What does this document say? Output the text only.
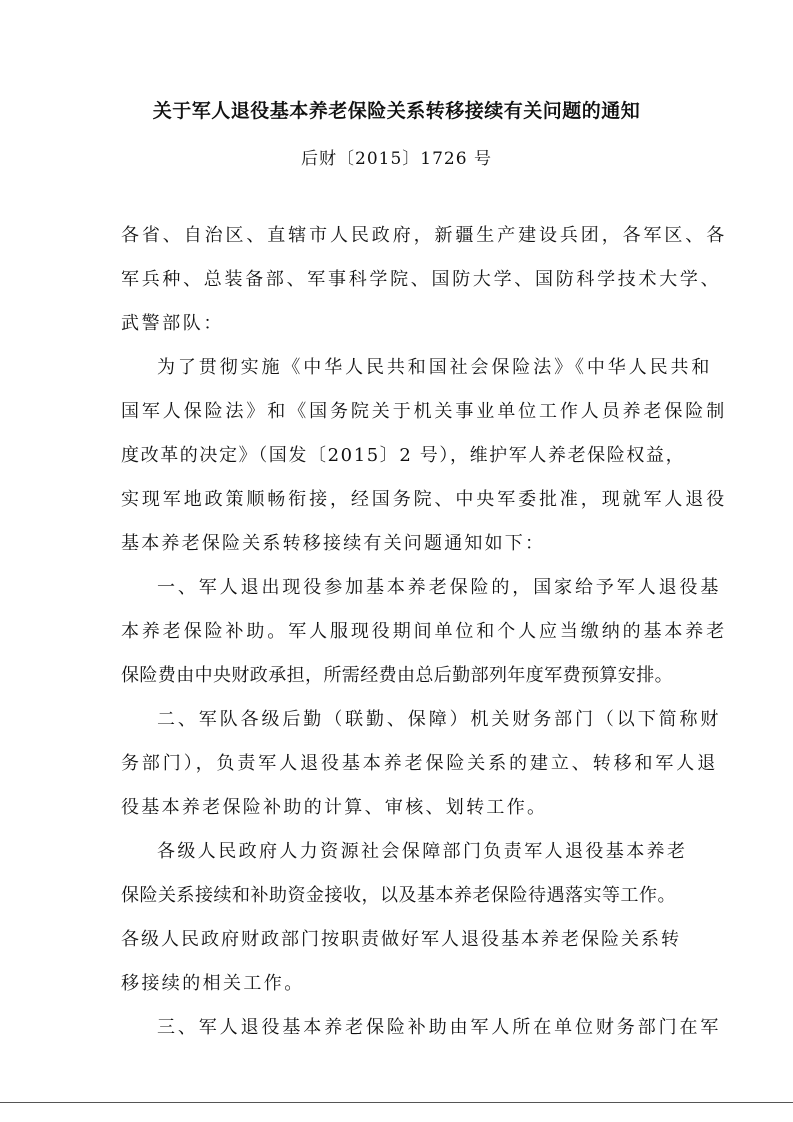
关于军人退役基本养老保险关系转移接续有关问题的通知
后财〔2015〕1726 号
各省、自治区、直辖市人民政府，新疆生产建设兵团，各军区、各
军兵种、总装备部、军事科学院、国防大学、国防科学技术大学、
武警部队：
为了贯彻实施《中华人民共和国社会保险法》《中华人民共和
国军人保险法》和《国务院关于机关事业单位工作人员养老保险制
度改革的决定》（国发〔2015〕2 号），维护军人养老保险权益，
实现军地政策顺畅衔接，经国务院、中央军委批准，现就军人退役
基本养老保险关系转移接续有关问题通知如下：
一、军人退出现役参加基本养老保险的，国家给予军人退役基
本养老保险补助。军人服现役期间单位和个人应当缴纳的基本养老
保险费由中央财政承担，所需经费由总后勤部列年度军费预算安排。
二、军队各级后勤（联勤、保障）机关财务部门（以下简称财
务部门），负责军人退役基本养老保险关系的建立、转移和军人退
役基本养老保险补助的计算、审核、划转工作。
各级人民政府人力资源社会保障部门负责军人退役基本养老
保险关系接续和补助资金接收，以及基本养老保险待遇落实等工作。
各级人民政府财政部门按职责做好军人退役基本养老保险关系转
移接续的相关工作。
三、军人退役基本养老保险补助由军人所在单位财务部门在军
